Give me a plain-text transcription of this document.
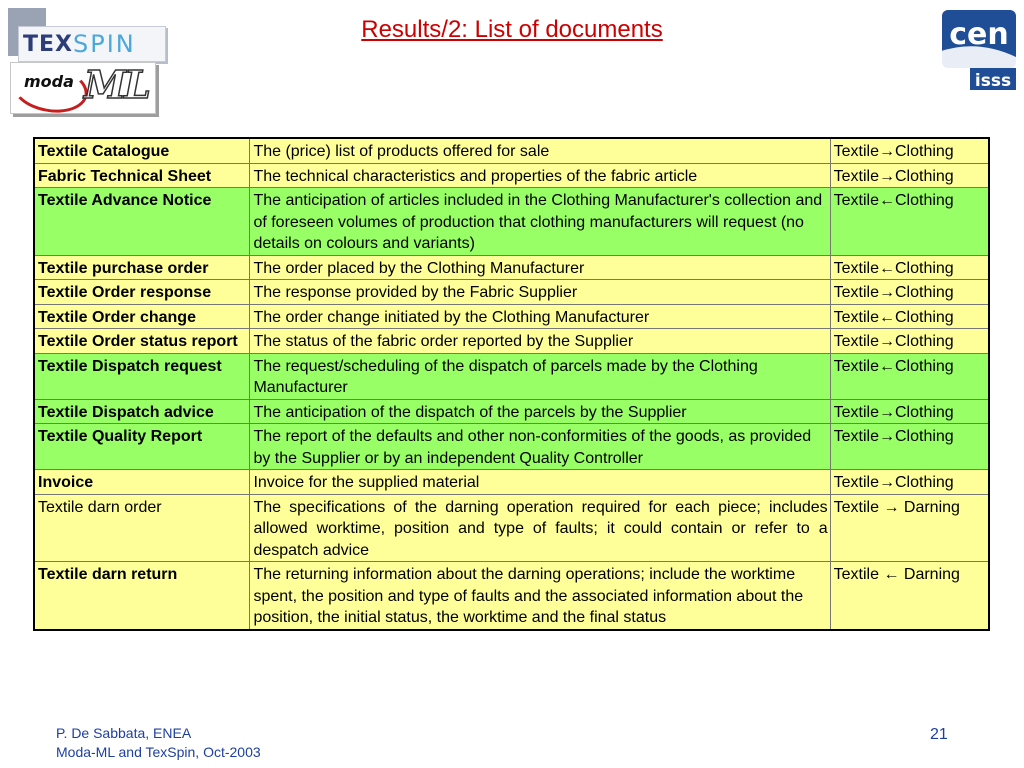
Results/2: List of documents
TEX SPIN
moda ML
cen
isss
Textile Catalogue	The (price) list of products offered for sale	Textile→Clothing
Fabric Technical Sheet	The technical characteristics and properties of the fabric article	Textile→Clothing
Textile Advance Notice	The anticipation of articles included in the Clothing Manufacturer's collection and of foreseen volumes of production that clothing manufacturers will request (no details on colours and variants)	Textile←Clothing
Textile purchase order	The order placed by the Clothing Manufacturer	Textile←Clothing
Textile Order response	The response provided by the Fabric Supplier	Textile→Clothing
Textile Order change	The order change initiated by the Clothing Manufacturer	Textile←Clothing
Textile Order status report	The status of the fabric order reported by the Supplier	Textile→Clothing
Textile Dispatch request	The request/scheduling of the dispatch of parcels made by the Clothing Manufacturer	Textile←Clothing
Textile Dispatch advice	The anticipation of the dispatch of the parcels by the Supplier	Textile→Clothing
Textile Quality Report	The report of the defaults and other non-conformities of the goods, as provided by the Supplier or by an independent Quality Controller	Textile→Clothing
Invoice	Invoice for the supplied material	Textile→Clothing
Textile darn order	The specifications of the darning operation required for each piece; includes allowed worktime, position and type of faults; it could contain or refer to a despatch advice	Textile → Darning
Textile darn return	The returning information about the darning operations; include the worktime spent, the position and type of faults and the associated information about the position, the initial status, the worktime and the final status	Textile ← Darning
P. De Sabbata, ENEA
Moda-ML and TexSpin, Oct-2003
21
